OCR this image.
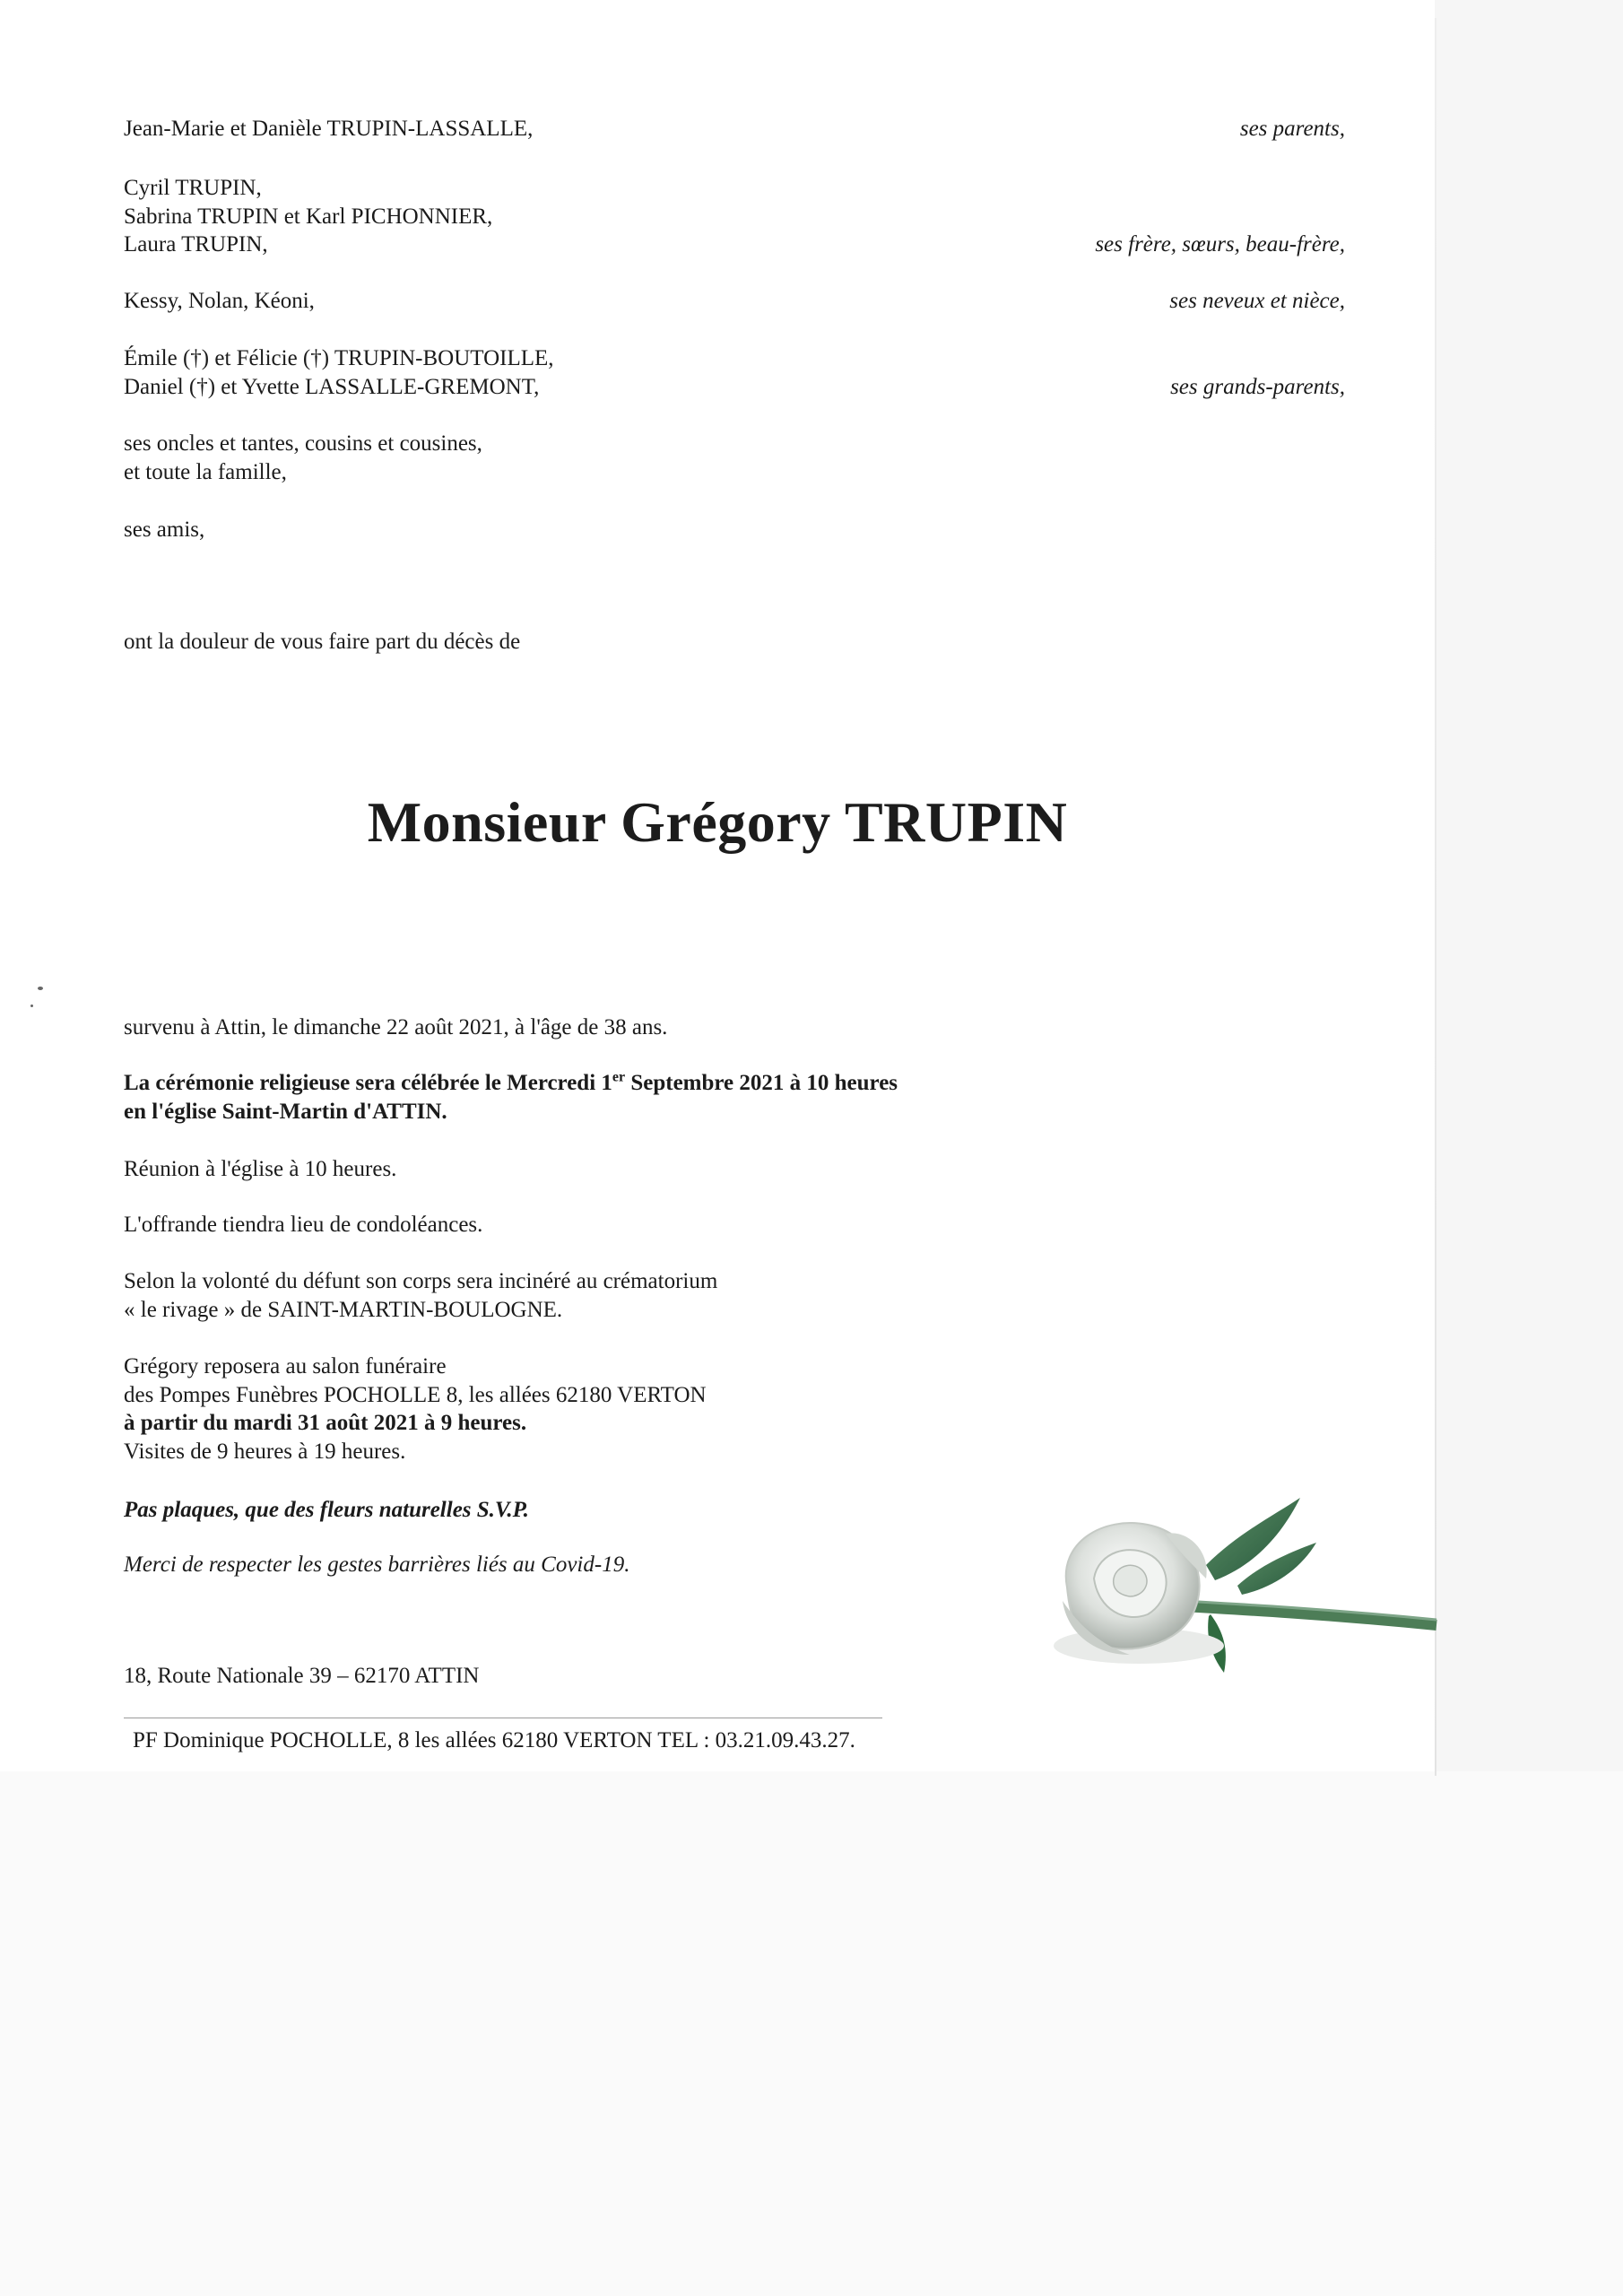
Jean-Marie et Danièle TRUPIN-LASSALLE,	ses parents,
Cyril TRUPIN,
Sabrina TRUPIN et Karl PICHONNIER,
Laura TRUPIN,	ses frère, sœurs, beau-frère,
Kessy, Nolan, Kéoni,	ses neveux et nièce,
Émile (†) et Félicie (†) TRUPIN-BOUTOILLE,
Daniel (†) et Yvette LASSALLE-GREMONT,	ses grands-parents,
ses oncles et tantes, cousins et cousines,
et toute la famille,
ses amis,
ont la douleur de vous faire part du décès de
Monsieur Grégory TRUPIN
survenu à Attin, le dimanche 22 août 2021, à l'âge de 38 ans.
La cérémonie religieuse sera célébrée le Mercredi 1er Septembre 2021 à 10 heures
en l'église Saint-Martin d'ATTIN.
Réunion à l'église à 10 heures.
L'offrande tiendra lieu de condoléances.
Selon la volonté du défunt son corps sera incinéré au crématorium
« le rivage » de SAINT-MARTIN-BOULOGNE.
Grégory reposera au salon funéraire
des Pompes Funèbres POCHOLLE 8, les allées 62180 VERTON
à partir du mardi 31 août 2021 à 9 heures.
Visites de 9 heures à 19 heures.
Pas plaques, que des fleurs naturelles S.V.P.
Merci de respecter les gestes barrières liés au Covid-19.
18, Route Nationale 39 – 62170 ATTIN
PF Dominique POCHOLLE, 8 les allées 62180 VERTON TEL : 03.21.09.43.27.
